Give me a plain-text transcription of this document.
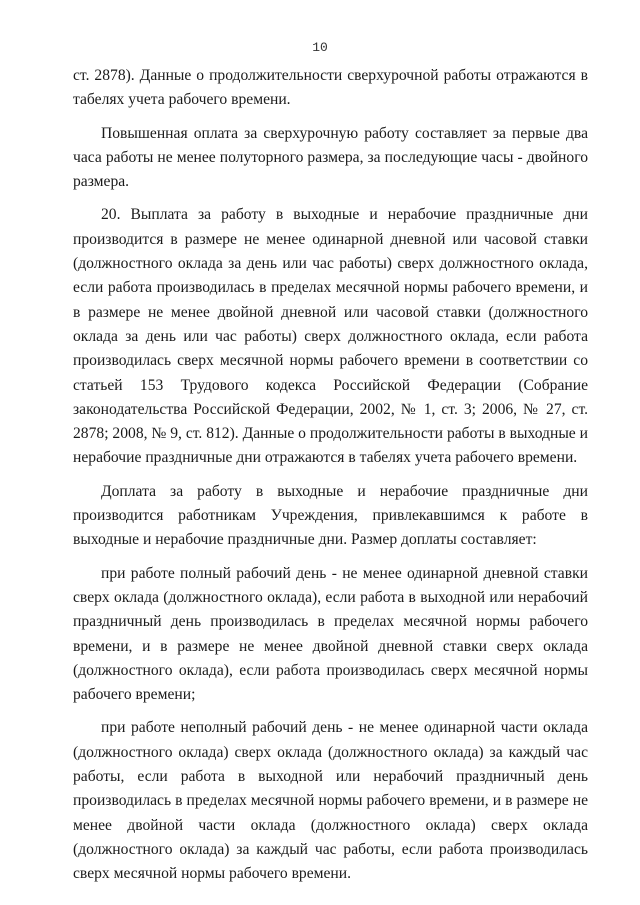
10

ст. 2878). Данные о продолжительности сверхурочной работы отражаются в табелях учета рабочего времени.

Повышенная оплата за сверхурочную работу составляет за первые два часа работы не менее полуторного размера, за последующие часы - двойного размера.

20. Выплата за работу в выходные и нерабочие праздничные дни производится в размере не менее одинарной дневной или часовой ставки (должностного оклада за день или час работы) сверх должностного оклада, если работа производилась в пределах месячной нормы рабочего времени, и в размере не менее двойной дневной или часовой ставки (должностного оклада за день или час работы) сверх должностного оклада, если работа производилась сверх месячной нормы рабочего времени в соответствии со статьей 153 Трудового кодекса Российской Федерации (Собрание законодательства Российской Федерации, 2002, № 1, ст. 3; 2006, № 27, ст. 2878; 2008, № 9, ст. 812). Данные о продолжительности работы в выходные и нерабочие праздничные дни отражаются в табелях учета рабочего времени.

Доплата за работу в выходные и нерабочие праздничные дни производится работникам Учреждения, привлекавшимся к работе в выходные и нерабочие праздничные дни. Размер доплаты составляет:

при работе полный рабочий день - не менее одинарной дневной ставки сверх оклада (должностного оклада), если работа в выходной или нерабочий праздничный день производилась в пределах месячной нормы рабочего времени, и в размере не менее двойной дневной ставки сверх оклада (должностного оклада), если работа производилась сверх месячной нормы рабочего времени;

при работе неполный рабочий день - не менее одинарной части оклада (должностного оклада) сверх оклада (должностного оклада) за каждый час работы, если работа в выходной или нерабочий праздничный день производилась в пределах месячной нормы рабочего времени, и в размере не менее двойной части оклада (должностного оклада) сверх оклада (должностного оклада) за каждый час работы, если работа производилась сверх месячной нормы рабочего времени.
